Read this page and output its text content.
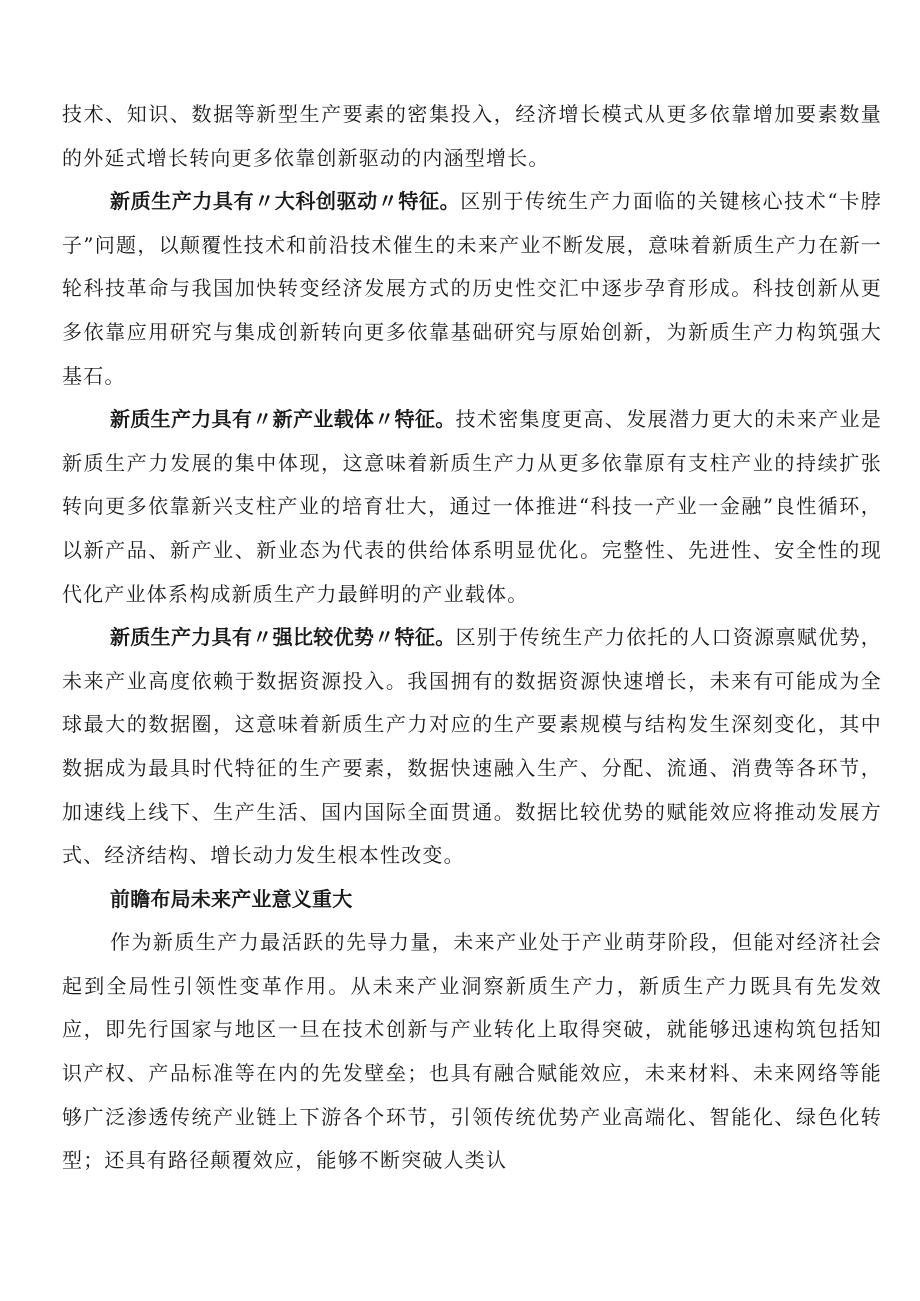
技术、知识、数据等新型生产要素的密集投入，经济增长模式从更多依靠增加要素数量的外延式增长转向更多依靠创新驱动的内涵型增长。

新质生产力具有〃大科创驱动〃特征。区别于传统生产力面临的关键核心技术“卡脖子”问题，以颠覆性技术和前沿技术催生的未来产业不断发展，意味着新质生产力在新一轮科技革命与我国加快转变经济发展方式的历史性交汇中逐步孕育形成。科技创新从更多依靠应用研究与集成创新转向更多依靠基础研究与原始创新，为新质生产力构筑强大基石。

新质生产力具有〃新产业载体〃特征。技术密集度更高、发展潜力更大的未来产业是新质生产力发展的集中体现，这意味着新质生产力从更多依靠原有支柱产业的持续扩张转向更多依靠新兴支柱产业的培育壮大，通过一体推进“科技一产业一金融”良性循环，以新产品、新产业、新业态为代表的供给体系明显优化。完整性、先进性、安全性的现代化产业体系构成新质生产力最鲜明的产业载体。

新质生产力具有〃强比较优势〃特征。区别于传统生产力依托的人口资源禀赋优势，未来产业高度依赖于数据资源投入。我国拥有的数据资源快速增长，未来有可能成为全球最大的数据圈，这意味着新质生产力对应的生产要素规模与结构发生深刻变化，其中数据成为最具时代特征的生产要素，数据快速融入生产、分配、流通、消费等各环节，加速线上线下、生产生活、国内国际全面贯通。数据比较优势的赋能效应将推动发展方式、经济结构、增长动力发生根本性改变。

前瞻布局未来产业意义重大

作为新质生产力最活跃的先导力量，未来产业处于产业萌芽阶段，但能对经济社会起到全局性引领性变革作用。从未来产业洞察新质生产力，新质生产力既具有先发效应，即先行国家与地区一旦在技术创新与产业转化上取得突破，就能够迅速构筑包括知识产权、产品标准等在内的先发壁垒；也具有融合赋能效应，未来材料、未来网络等能够广泛渗透传统产业链上下游各个环节，引领传统优势产业高端化、智能化、绿色化转型；还具有路径颠覆效应，能够不断突破人类认
